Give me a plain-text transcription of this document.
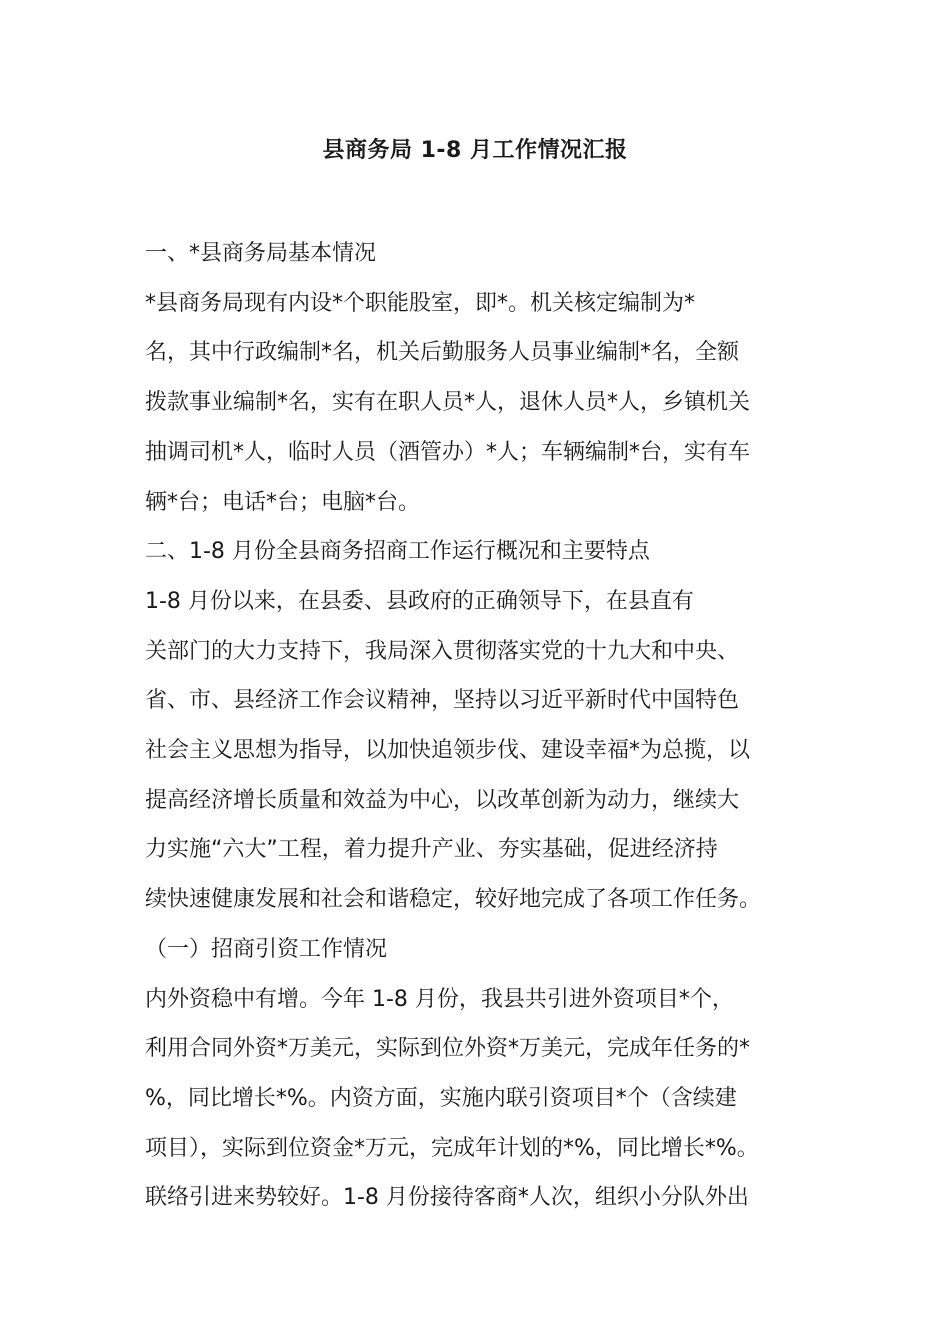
县商务局 1-8 月工作情况汇报

一、*县商务局基本情况

*县商务局现有内设*个职能股室，即*。机关核定编制为*

名，其中行政编制*名，机关后勤服务人员事业编制*名，全额

拨款事业编制*名，实有在职人员*人，退休人员*人，乡镇机关

抽调司机*人，临时人员（酒管办）*人；车辆编制*台，实有车

辆*台；电话*台；电脑*台。

二、1-8 月份全县商务招商工作运行概况和主要特点

1-8 月份以来，在县委、县政府的正确领导下，在县直有

关部门的大力支持下，我局深入贯彻落实党的十九大和中央、

省、市、县经济工作会议精神，坚持以习近平新时代中国特色

社会主义思想为指导，以加快追领步伐、建设幸福*为总揽，以

提高经济增长质量和效益为中心，以改革创新为动力，继续大

力实施“六大”工程，着力提升产业、夯实基础，促进经济持

续快速健康发展和社会和谐稳定，较好地完成了各项工作任务。

（一）招商引资工作情况

内外资稳中有增。今年 1-8 月份，我县共引进外资项目*个，

利用合同外资*万美元，实际到位外资*万美元，完成年任务的*

%，同比增长*%。内资方面，实施内联引资项目*个（含续建

项目），实际到位资金*万元，完成年计划的*%，同比增长*%。

联络引进来势较好。1-8 月份接待客商*人次，组织小分队外出
